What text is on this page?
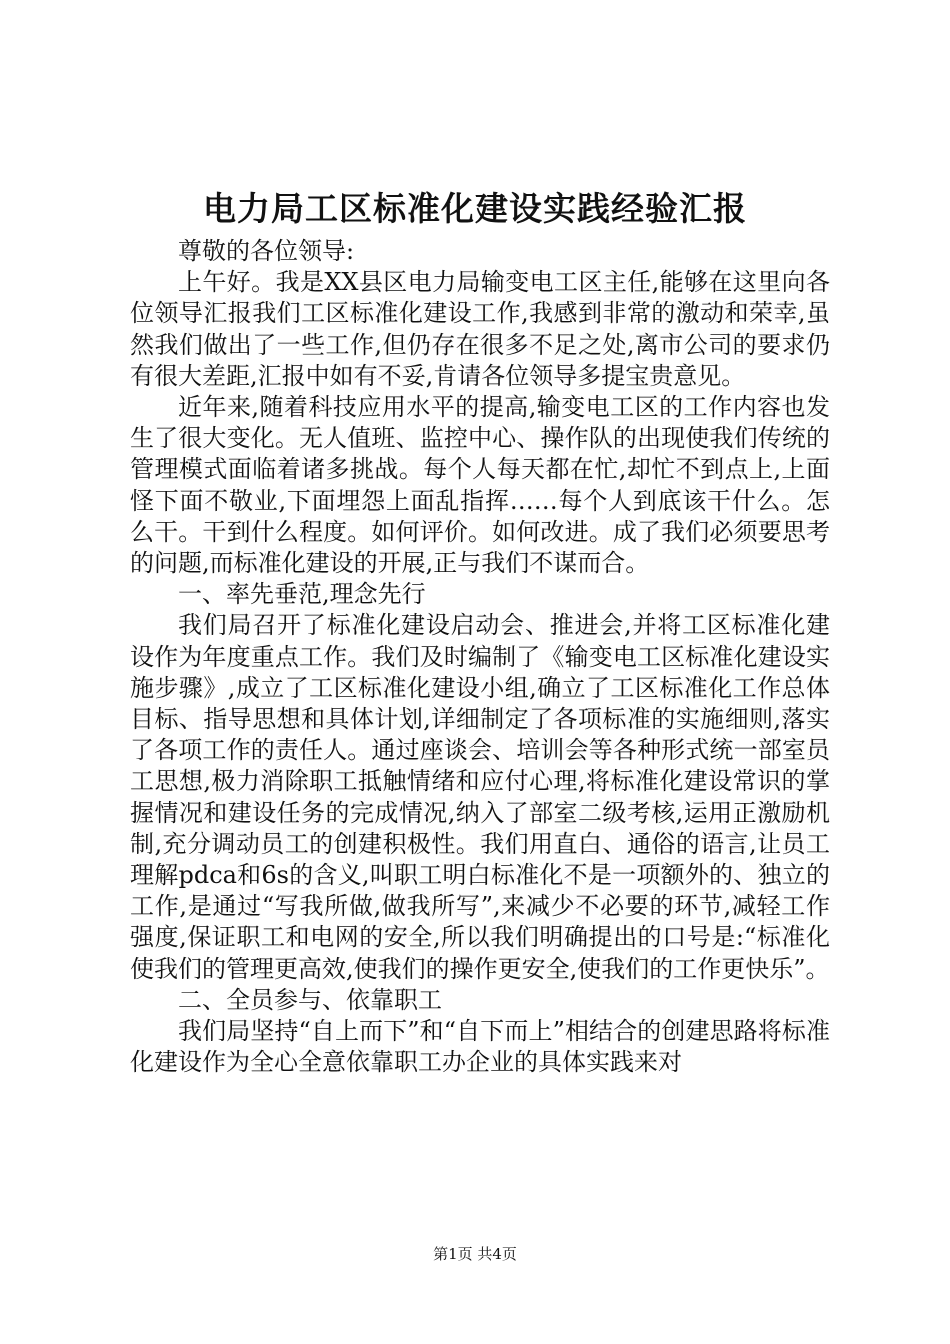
电力局工区标准化建设实践经验汇报

尊敬的各位领导:

上午好。我是XX县区电力局输变电工区主任,能够在这里向各位领导汇报我们工区标准化建设工作,我感到非常的激动和荣幸,虽然我们做出了一些工作,但仍存在很多不足之处,离市公司的要求仍有很大差距,汇报中如有不妥,肯请各位领导多提宝贵意见。

近年来,随着科技应用水平的提高,输变电工区的工作内容也发生了很大变化。无人值班、监控中心、操作队的出现使我们传统的管理模式面临着诸多挑战。每个人每天都在忙,却忙不到点上,上面怪下面不敬业,下面埋怨上面乱指挥……每个人到底该干什么。怎么干。干到什么程度。如何评价。如何改进。成了我们必须要思考的问题,而标准化建设的开展,正与我们不谋而合。

一、率先垂范,理念先行

我们局召开了标准化建设启动会、推进会,并将工区标准化建设作为年度重点工作。我们及时编制了《输变电工区标准化建设实施步骤》,成立了工区标准化建设小组,确立了工区标准化工作总体目标、指导思想和具体计划,详细制定了各项标准的实施细则,落实了各项工作的责任人。通过座谈会、培训会等各种形式统一部室员工思想,极力消除职工抵触情绪和应付心理,将标准化建设常识的掌握情况和建设任务的完成情况,纳入了部室二级考核,运用正激励机制,充分调动员工的创建积极性。我们用直白、通俗的语言,让员工理解pdca和6s的含义,叫职工明白标准化不是一项额外的、独立的工作,是通过“写我所做,做我所写”,来减少不必要的环节,减轻工作强度,保证职工和电网的安全,所以我们明确提出的口号是:“标准化使我们的管理更高效,使我们的操作更安全,使我们的工作更快乐”。

二、全员参与、依靠职工

我们局坚持“自上而下”和“自下而上”相结合的创建思路将标准化建设作为全心全意依靠职工办企业的具体实践来对

第1页 共4页
